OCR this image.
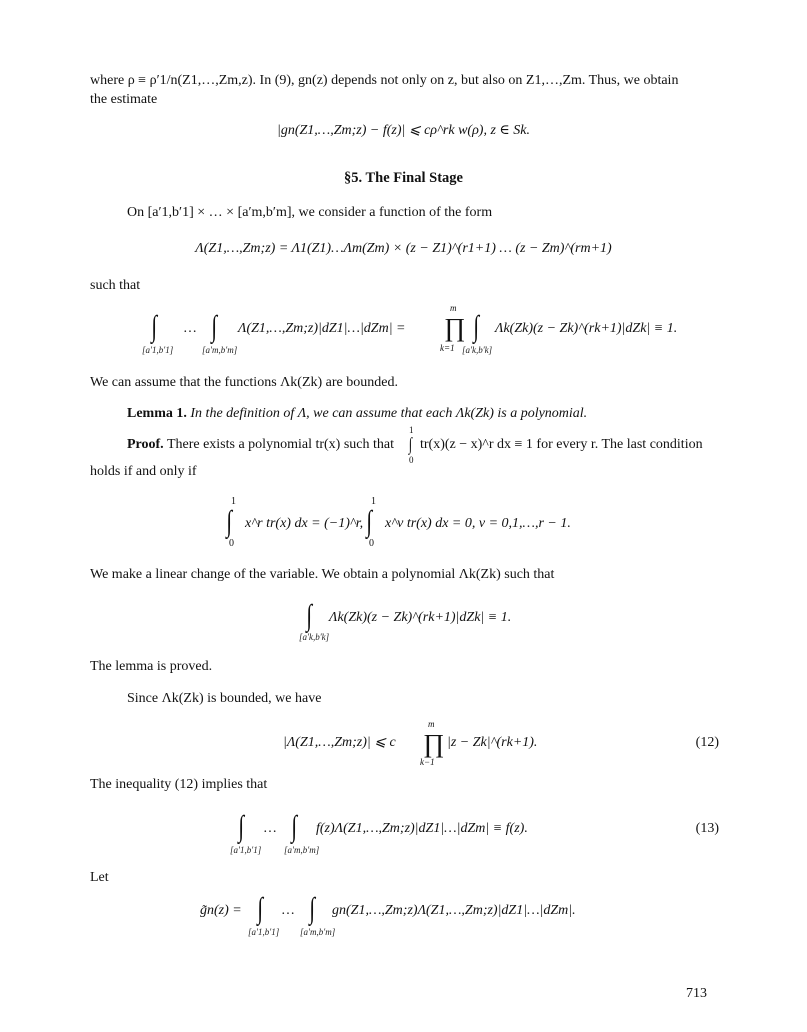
where ρ ≡ ρ′1/n(Z1,…,Zm,z). In (9), gn(z) depends not only on z, but also on Z1,…,Zm. Thus, we obtain
the estimate
|gn(Z1,…,Zm;z) − f(z)| ⩽ cρ^rk w(ρ), z ∈ Sk.
§5. The Final Stage
On [a′1,b′1] × … × [a′m,b′m], we consider a function of the form
Λ(Z1,…,Zm;z) = Λ1(Z1)…Λm(Zm) × (z − Z1)^(r1+1) … (z − Zm)^(rm+1)
such that
∫
[a′1,b′1]
… ∫
[a′m,b′m]
Λ(Z1,…,Zm;z)|dZ1|…|dZm| =
m
∏
k=1
∫
[a′k,b′k]
Λk(Zk)(z − Zk)^(rk+1)|dZk| ≡ 1.
We can assume that the functions Λk(Zk) are bounded.
Lemma 1. In the definition of Λ, we can assume that each Λk(Zk) is a polynomial.
Proof. There exists a polynomial tr(x) such that
1
∫
0
tr(x)(z − x)^r dx ≡ 1 for every r. The last condition
holds if and only if
1
∫
0
x^r tr(x) dx = (−1)^r,
1
∫
0
x^ν tr(x) dx = 0, ν = 0,1,…,r − 1.
We make a linear change of the variable. We obtain a polynomial Λk(Zk) such that
∫
[a′k,b′k]
Λk(Zk)(z − Zk)^(rk+1)|dZk| ≡ 1.
The lemma is proved.
Since Λk(Zk) is bounded, we have
|Λ(Z1,…,Zm;z)| ⩽ c
m
∏
k−1
|z − Zk|^(rk+1).	(12)
The inequality (12) implies that
∫
[a′1,b′1]
… ∫
[a′m,b′m]
f(z)Λ(Z1,…,Zm;z)|dZ1|…|dZm| ≡ f(z).	(13)
Let
g̃n(z) = ∫
[a′1,b′1]
… ∫
[a′m,b′m]
gn(Z1,…,Zm;z)Λ(Z1,…,Zm;z)|dZ1|…|dZm|.
713
